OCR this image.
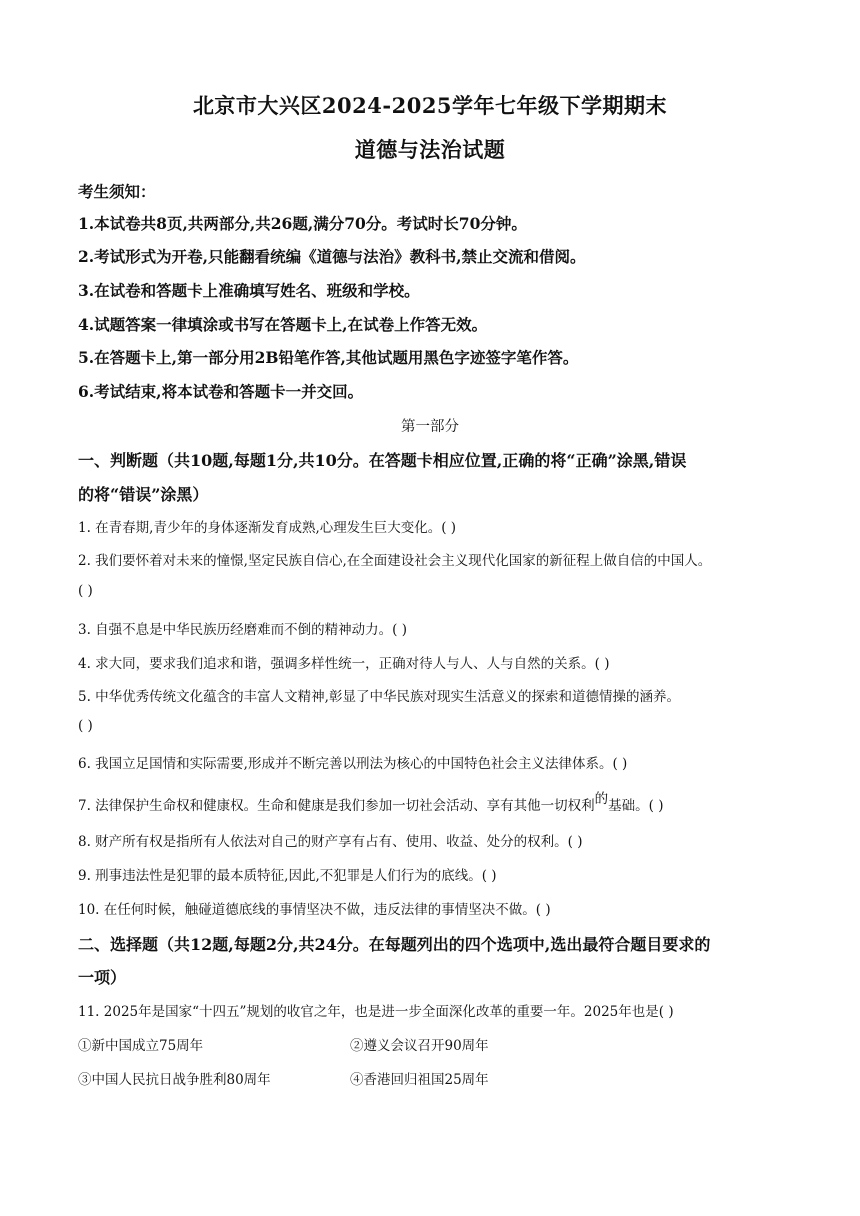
北京市大兴区2024-2025学年七年级下学期期末
道德与法治试题
考生须知：
1.本试卷共8页,共两部分,共26题,满分70分。考试时长70分钟。
2.考试形式为开卷,只能翻看统编《道德与法治》教科书,禁止交流和借阅。
3.在试卷和答题卡上准确填写姓名、班级和学校。
4.试题答案一律填涂或书写在答题卡上,在试卷上作答无效。
5.在答题卡上,第一部分用2B铅笔作答,其他试题用黑色字迹签字笔作答。
6.考试结束,将本试卷和答题卡一并交回。
第一部分
一、判断题（共10题,每题1分,共10分。在答题卡相应位置,正确的将“正确”涂黑,错误
的将“错误”涂黑）
1. 在青春期,青少年的身体逐渐发育成熟,心理发生巨大变化。( )
2. 我们要怀着对未来的憧憬,坚定民族自信心,在全面建设社会主义现代化国家的新征程上做自信的中国人。
( )
3. 自强不息是中华民族历经磨难而不倒的精神动力。( )
4. 求大同，要求我们追求和谐，强调多样性统一，正确对待人与人、人与自然的关系。( )
5. 中华优秀传统文化蕴含的丰富人文精神,彰显了中华民族对现实生活意义的探索和道德情操的涵养。
( )
6. 我国立足国情和实际需要,形成并不断完善以刑法为核心的中国特色社会主义法律体系。( )
7. 法律保护生命权和健康权。生命和健康是我们参加一切社会活动、享有其他一切权利的基础。( )
8. 财产所有权是指所有人依法对自己的财产享有占有、使用、收益、处分的权利。( )
9. 刑事违法性是犯罪的最本质特征,因此,不犯罪是人们行为的底线。( )
10. 在任何时候，触碰道德底线的事情坚决不做，违反法律的事情坚决不做。( )
二、选择题（共12题,每题2分,共24分。在每题列出的四个选项中,选出最符合题目要求的
一项）
11. 2025年是国家“十四五”规划的收官之年，也是进一步全面深化改革的重要一年。2025年也是( )
①新中国成立75周年	②遵义会议召开90周年
③中国人民抗日战争胜利80周年	④香港回归祖国25周年
